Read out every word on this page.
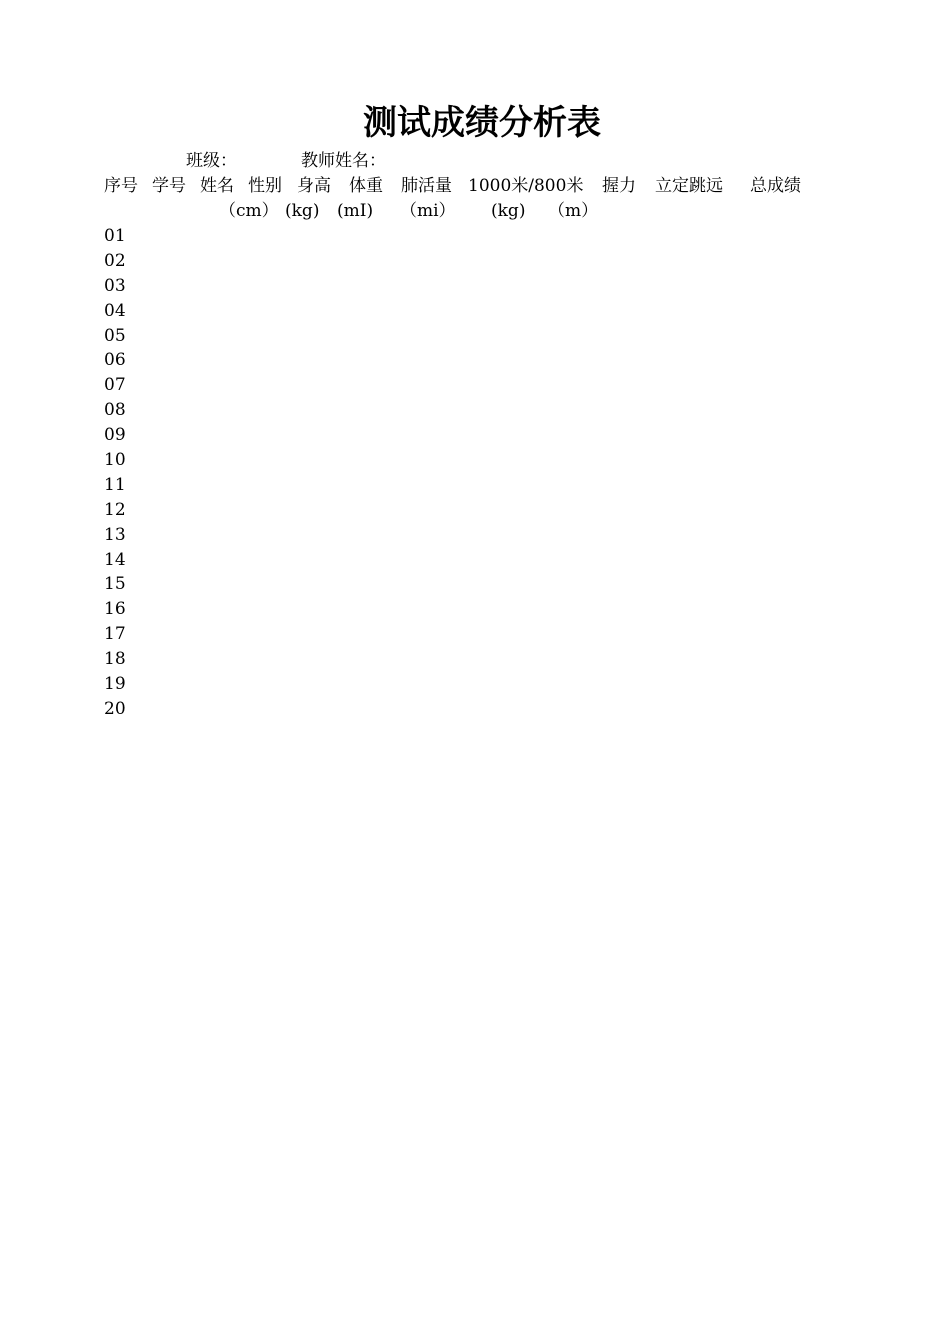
测试成绩分析表
班级：	教师姓名：
序号 学号 姓名 性别 身高 体重 肺活量 1000米/800米 握力 立定跳远 总成绩
（cm） (kg) (mI) （mi） (kg) （m）
01
02
03
04
05
06
07
08
09
10
11
12
13
14
15
16
17
18
19
20
